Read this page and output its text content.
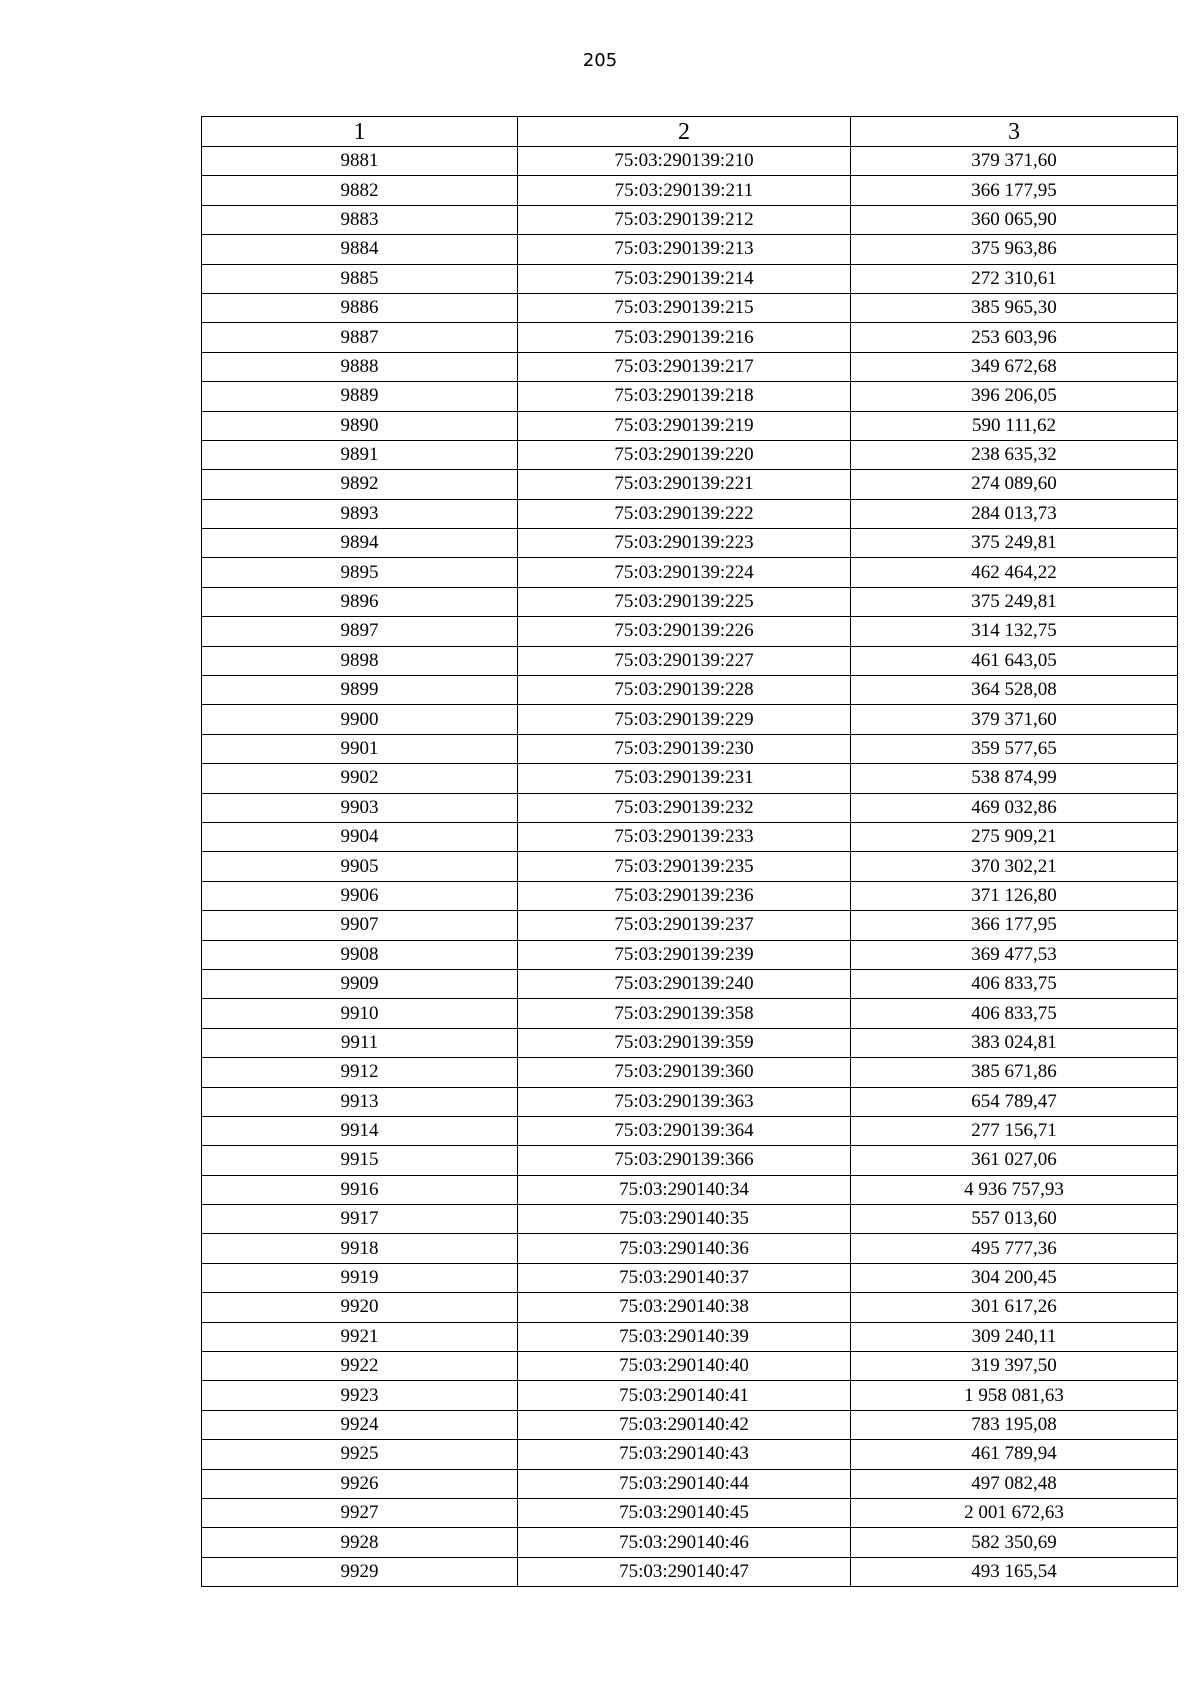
205
1	2	3
9881	75:03:290139:210	379 371,60
9882	75:03:290139:211	366 177,95
9883	75:03:290139:212	360 065,90
9884	75:03:290139:213	375 963,86
9885	75:03:290139:214	272 310,61
9886	75:03:290139:215	385 965,30
9887	75:03:290139:216	253 603,96
9888	75:03:290139:217	349 672,68
9889	75:03:290139:218	396 206,05
9890	75:03:290139:219	590 111,62
9891	75:03:290139:220	238 635,32
9892	75:03:290139:221	274 089,60
9893	75:03:290139:222	284 013,73
9894	75:03:290139:223	375 249,81
9895	75:03:290139:224	462 464,22
9896	75:03:290139:225	375 249,81
9897	75:03:290139:226	314 132,75
9898	75:03:290139:227	461 643,05
9899	75:03:290139:228	364 528,08
9900	75:03:290139:229	379 371,60
9901	75:03:290139:230	359 577,65
9902	75:03:290139:231	538 874,99
9903	75:03:290139:232	469 032,86
9904	75:03:290139:233	275 909,21
9905	75:03:290139:235	370 302,21
9906	75:03:290139:236	371 126,80
9907	75:03:290139:237	366 177,95
9908	75:03:290139:239	369 477,53
9909	75:03:290139:240	406 833,75
9910	75:03:290139:358	406 833,75
9911	75:03:290139:359	383 024,81
9912	75:03:290139:360	385 671,86
9913	75:03:290139:363	654 789,47
9914	75:03:290139:364	277 156,71
9915	75:03:290139:366	361 027,06
9916	75:03:290140:34	4 936 757,93
9917	75:03:290140:35	557 013,60
9918	75:03:290140:36	495 777,36
9919	75:03:290140:37	304 200,45
9920	75:03:290140:38	301 617,26
9921	75:03:290140:39	309 240,11
9922	75:03:290140:40	319 397,50
9923	75:03:290140:41	1 958 081,63
9924	75:03:290140:42	783 195,08
9925	75:03:290140:43	461 789,94
9926	75:03:290140:44	497 082,48
9927	75:03:290140:45	2 001 672,63
9928	75:03:290140:46	582 350,69
9929	75:03:290140:47	493 165,54
